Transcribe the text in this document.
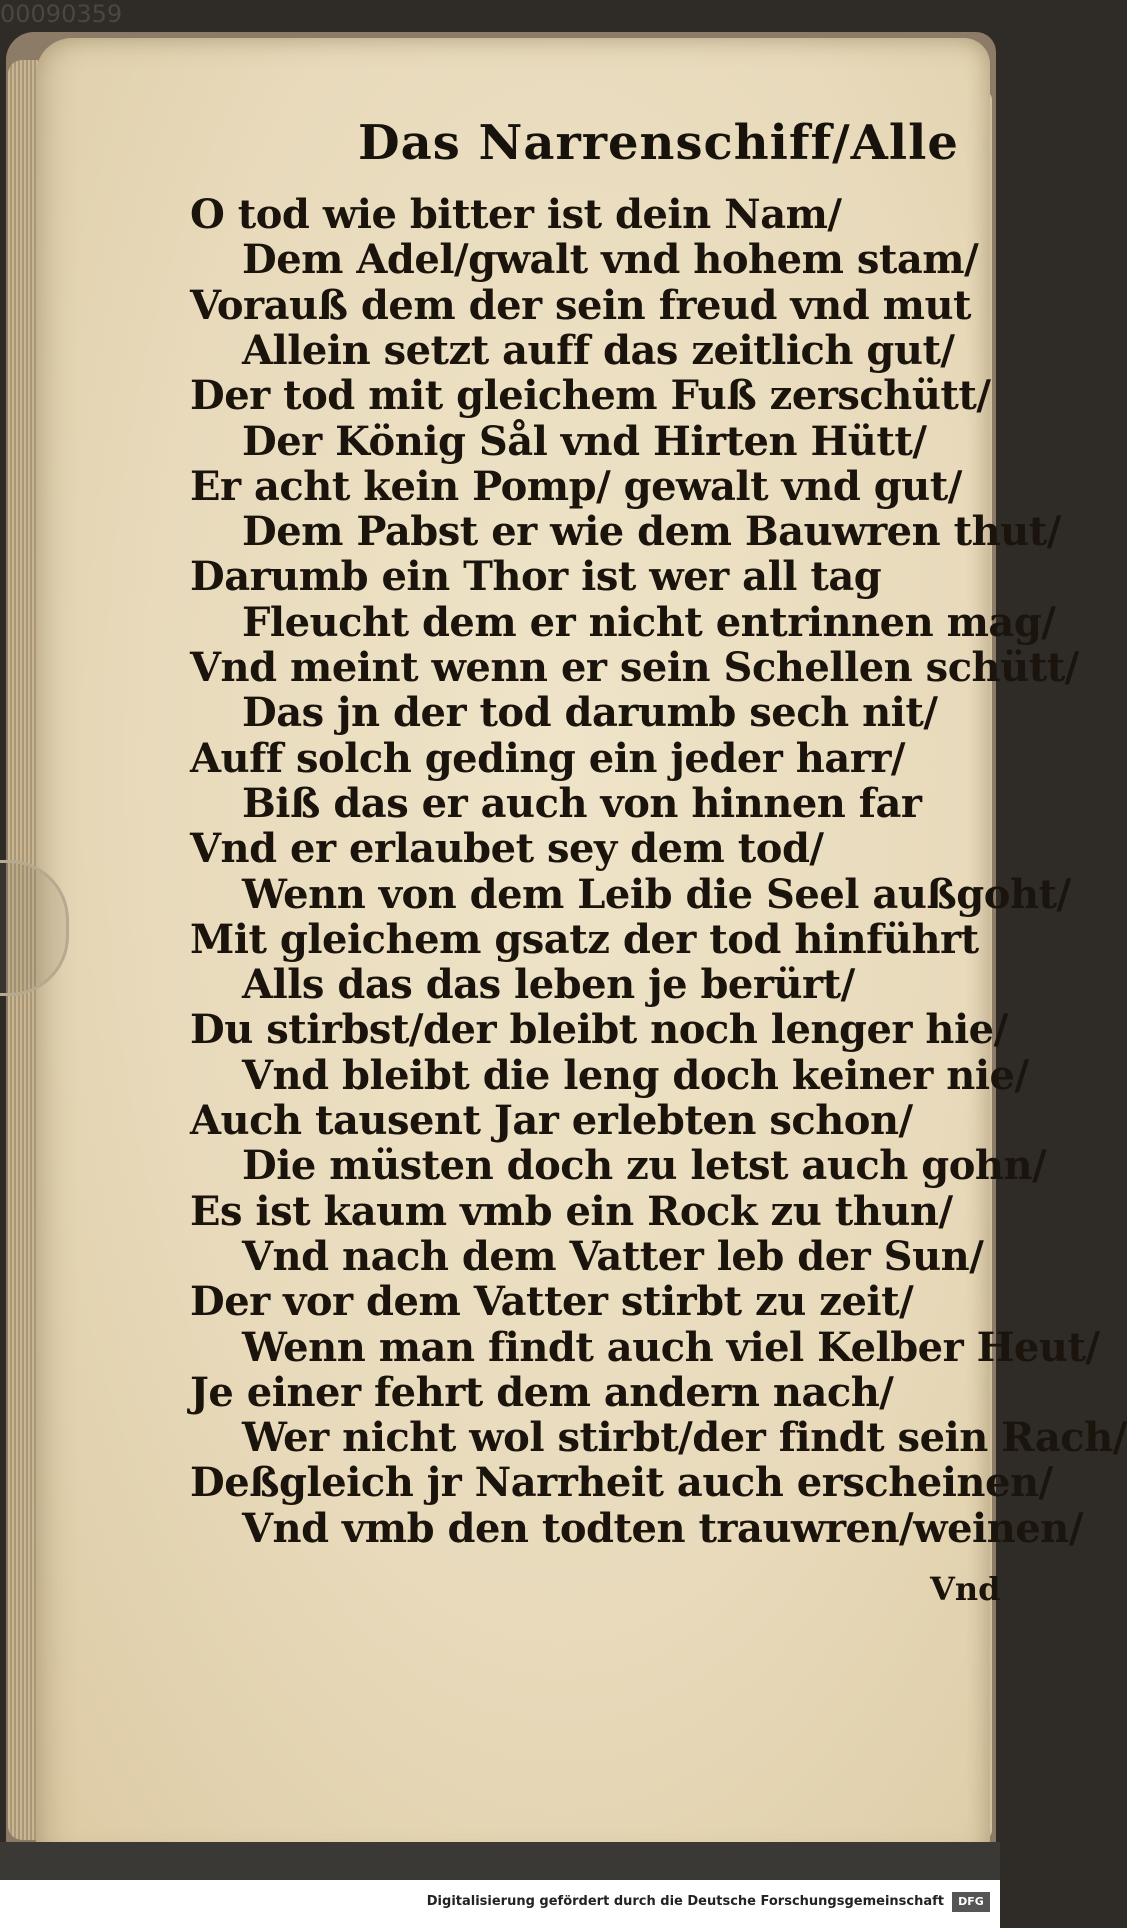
00090359
Das Narrenschiff/Alle
O tod wie bitter ist dein Nam/
Dem Adel/gwalt vnd hohem stam/
Vorauß dem der sein freud vnd mut
Allein setzt auff das zeitlich gut/
Der tod mit gleichem Fuß zerschütt/
Der König Sål vnd Hirten Hütt/
Er acht kein Pomp/ gewalt vnd gut/
Dem Pabst er wie dem Bauwren thut/
Darumb ein Thor ist wer all tag
Fleucht dem er nicht entrinnen mag/
Vnd meint wenn er sein Schellen schütt/
Das jn der tod darumb sech nit/
Auff solch geding ein jeder harr/
Biß das er auch von hinnen far
Vnd er erlaubet sey dem tod/
Wenn von dem Leib die Seel außgoht/
Mit gleichem gsatz der tod hinführt
Alls das das leben je berürt/
Du stirbst/der bleibt noch lenger hie/
Vnd bleibt die leng doch keiner nie/
Auch tausent Jar erlebten schon/
Die müsten doch zu letst auch gohn/
Es ist kaum vmb ein Rock zu thun/
Vnd nach dem Vatter leb der Sun/
Der vor dem Vatter stirbt zu zeit/
Wenn man findt auch viel Kelber Heut/
Je einer fehrt dem andern nach/
Wer nicht wol stirbt/der findt sein Rach/
Deßgleich jr Narrheit auch erscheinen/
Vnd vmb den todten trauwren/weinen/
Vnd
Digitalisierung gefördert durch die Deutsche Forschungsgemeinschaft	DFG
